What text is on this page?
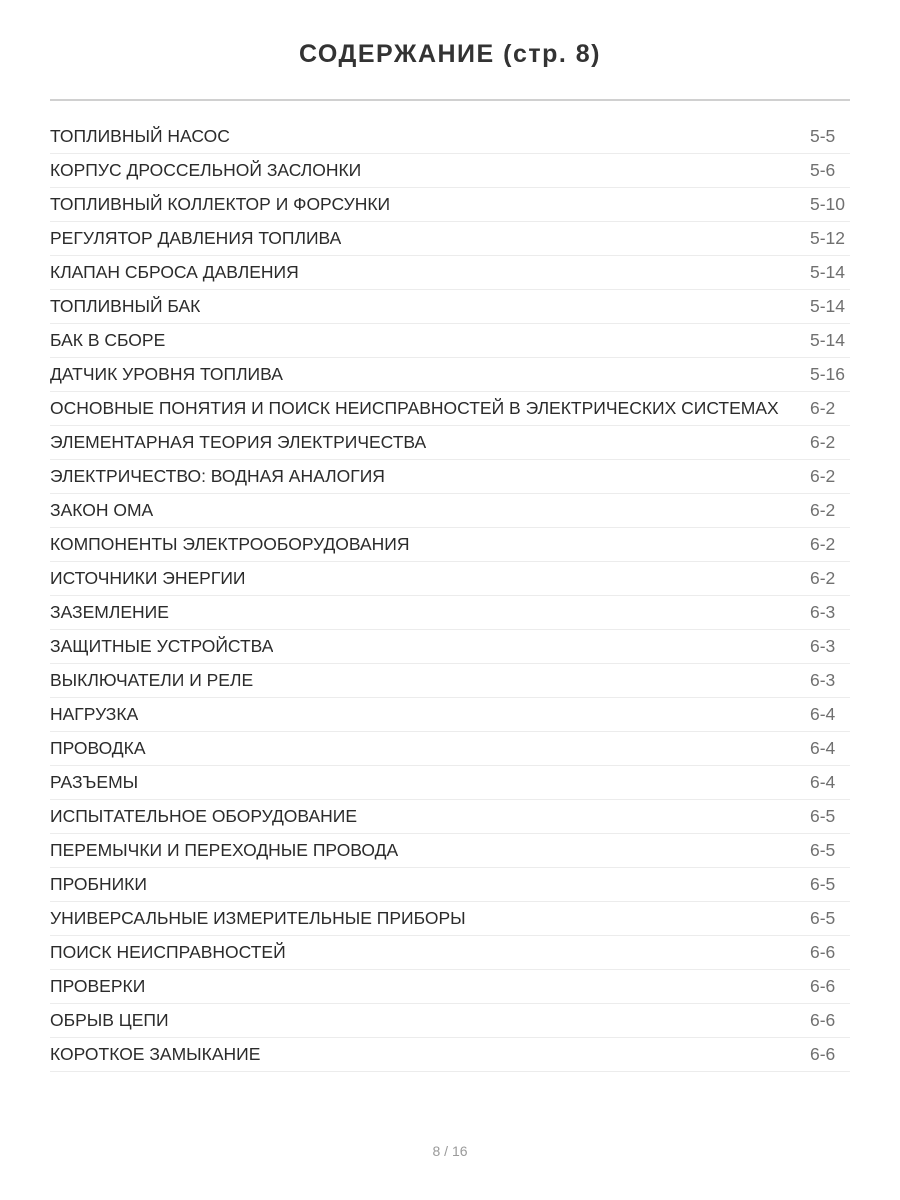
СОДЕРЖАНИЕ (стр. 8)
ТОПЛИВНЫЙ НАСОС	5-5
КОРПУС ДРОССЕЛЬНОЙ ЗАСЛОНКИ	5-6
ТОПЛИВНЫЙ КОЛЛЕКТОР И ФОРСУНКИ	5-10
РЕГУЛЯТОР ДАВЛЕНИЯ ТОПЛИВА	5-12
КЛАПАН СБРОСА ДАВЛЕНИЯ	5-14
ТОПЛИВНЫЙ БАК	5-14
БАК В СБОРЕ	5-14
ДАТЧИК УРОВНЯ ТОПЛИВА	5-16
ОСНОВНЫЕ ПОНЯТИЯ И ПОИСК НЕИСПРАВНОСТЕЙ В ЭЛЕКТРИЧЕСКИХ СИСТЕМАХ 6-2
ЭЛЕМЕНТАРНАЯ ТЕОРИЯ ЭЛЕКТРИЧЕСТВА	6-2
ЭЛЕКТРИЧЕСТВО: ВОДНАЯ АНАЛОГИЯ	6-2
ЗАКОН ОМА	6-2
КОМПОНЕНТЫ ЭЛЕКТРООБОРУДОВАНИЯ	6-2
ИСТОЧНИКИ ЭНЕРГИИ	6-2
ЗАЗЕМЛЕНИЕ	6-3
ЗАЩИТНЫЕ УСТРОЙСТВА	6-3
ВЫКЛЮЧАТЕЛИ И РЕЛЕ	6-3
НАГРУЗКА	6-4
ПРОВОДКА	6-4
РАЗЪЕМЫ	6-4
ИСПЫТАТЕЛЬНОЕ ОБОРУДОВАНИЕ	6-5
ПЕРЕМЫЧКИ И ПЕРЕХОДНЫЕ ПРОВОДА	6-5
ПРОБНИКИ	6-5
УНИВЕРСАЛЬНЫЕ ИЗМЕРИТЕЛЬНЫЕ ПРИБОРЫ	6-5
ПОИСК НЕИСПРАВНОСТЕЙ	6-6
ПРОВЕРКИ	6-6
ОБРЫВ ЦЕПИ	6-6
КОРОТКОЕ ЗАМЫКАНИЕ	6-6
8 / 16
